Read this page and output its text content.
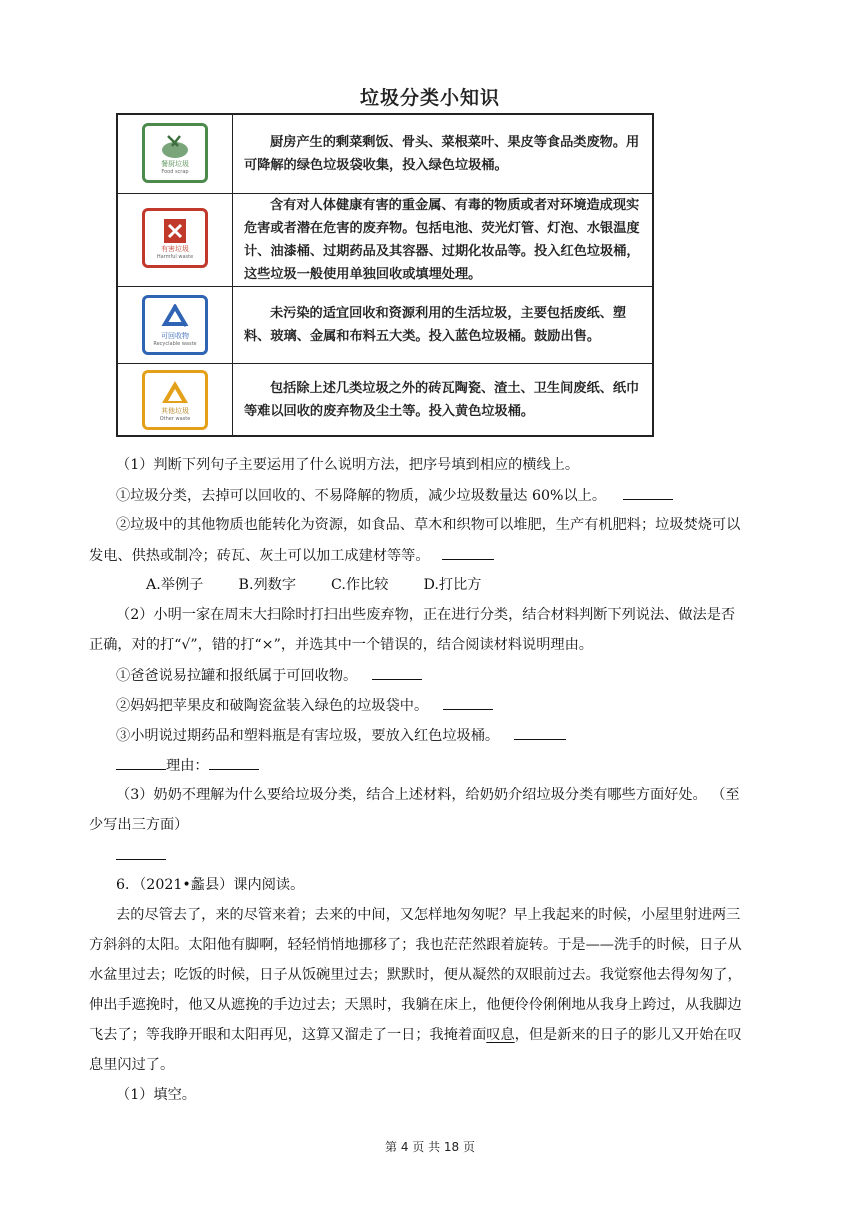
垃圾分类小知识
餐厨垃圾
Food scrap
厨房产生的剩菜剩饭、骨头、菜根菜叶、果皮等食品类废物。用可降解的绿色垃圾袋收集，投入绿色垃圾桶。
有害垃圾
Harmful waste
含有对人体健康有害的重金属、有毒的物质或者对环境造成现实危害或者潜在危害的废弃物。包括电池、荧光灯管、灯泡、水银温度计、油漆桶、过期药品及其容器、过期化妆品等。投入红色垃圾桶，这些垃圾一般使用单独回收或填埋处理。
可回收物
Recyclable waste
未污染的适宜回收和资源利用的生活垃圾，主要包括废纸、塑料、玻璃、金属和布料五大类。投入蓝色垃圾桶。鼓励出售。
其他垃圾
Other waste
包括除上述几类垃圾之外的砖瓦陶瓷、渣土、卫生间废纸、纸巾等难以回收的废弃物及尘土等。投入黄色垃圾桶。
（1）判断下列句子主要运用了什么说明方法，把序号填到相应的横线上。
①垃圾分类，去掉可以回收的、不易降解的物质，减少垃圾数量达 60%以上。
②垃圾中的其他物质也能转化为资源，如食品、草木和织物可以堆肥，生产有机肥料；垃圾焚烧可以
发电、供热或制冷；砖瓦、灰土可以加工成建材等等。
A.举例子 B.列数字 C.作比较 D.打比方
（2）小明一家在周末大扫除时打扫出些废弃物，正在进行分类，结合材料判断下列说法、做法是否
正确，对的打“√”，错的打“×”，并选其中一个错误的，结合阅读材料说明理由。
①爸爸说易拉罐和报纸属于可回收物。
②妈妈把苹果皮和破陶瓷盆装入绿色的垃圾袋中。
③小明说过期药品和塑料瓶是有害垃圾，要放入红色垃圾桶。
理由：
（3）奶奶不理解为什么要给垃圾分类，结合上述材料，给奶奶介绍垃圾分类有哪些方面好处。 （至
少写出三方面）
6．（2021•蠡县）课内阅读。
去的尽管去了，来的尽管来着；去来的中间，又怎样地匆匆呢？早上我起来的时候，小屋里射进两三
方斜斜的太阳。太阳他有脚啊，轻轻悄悄地挪移了；我也茫茫然跟着旋转。于是——洗手的时候，日子从
水盆里过去；吃饭的时候，日子从饭碗里过去；默默时，便从凝然的双眼前过去。我觉察他去得匆匆了，
伸出手遮挽时，他又从遮挽的手边过去；天黑时，我躺在床上，他便伶伶俐俐地从我身上跨过，从我脚边
飞去了；等我睁开眼和太阳再见，这算又溜走了一日；我掩着面叹息，但是新来的日子的影儿又开始在叹
息里闪过了。
（1）填空。
第 4 页 共 18 页
